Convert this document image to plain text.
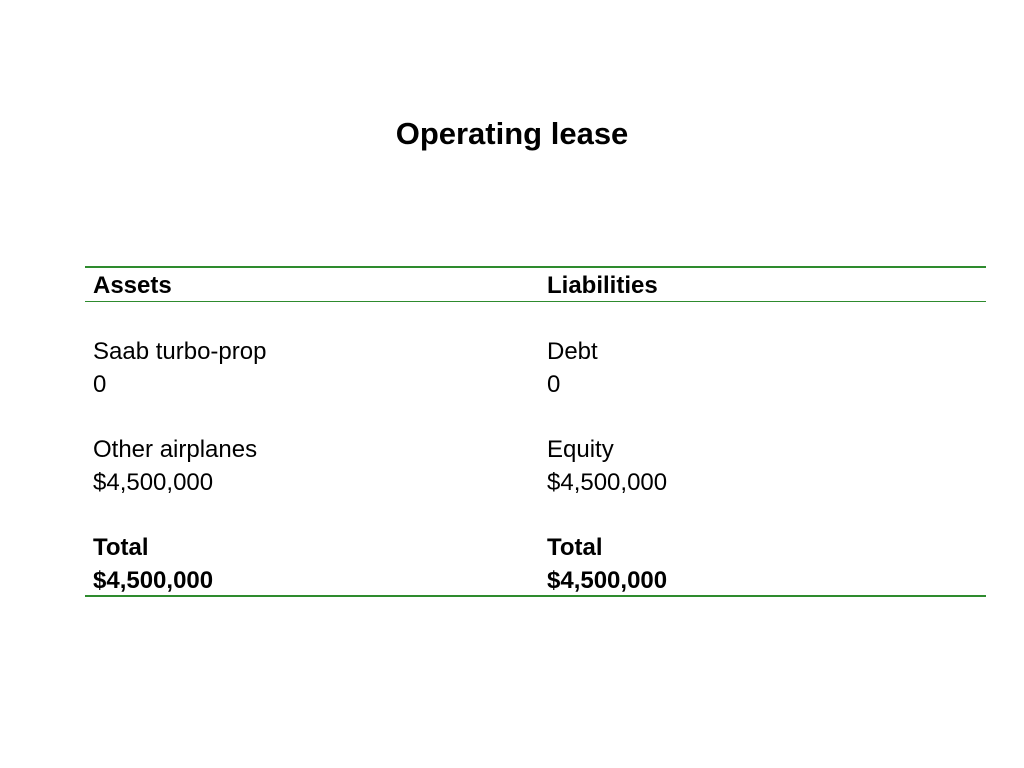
Operating lease
Assets	Liabilities
Saab turbo-prop
0
Other airplanes
$4,500,000
Total
$4,500,000
Debt
0
Equity
$4,500,000
Total
$4,500,000
